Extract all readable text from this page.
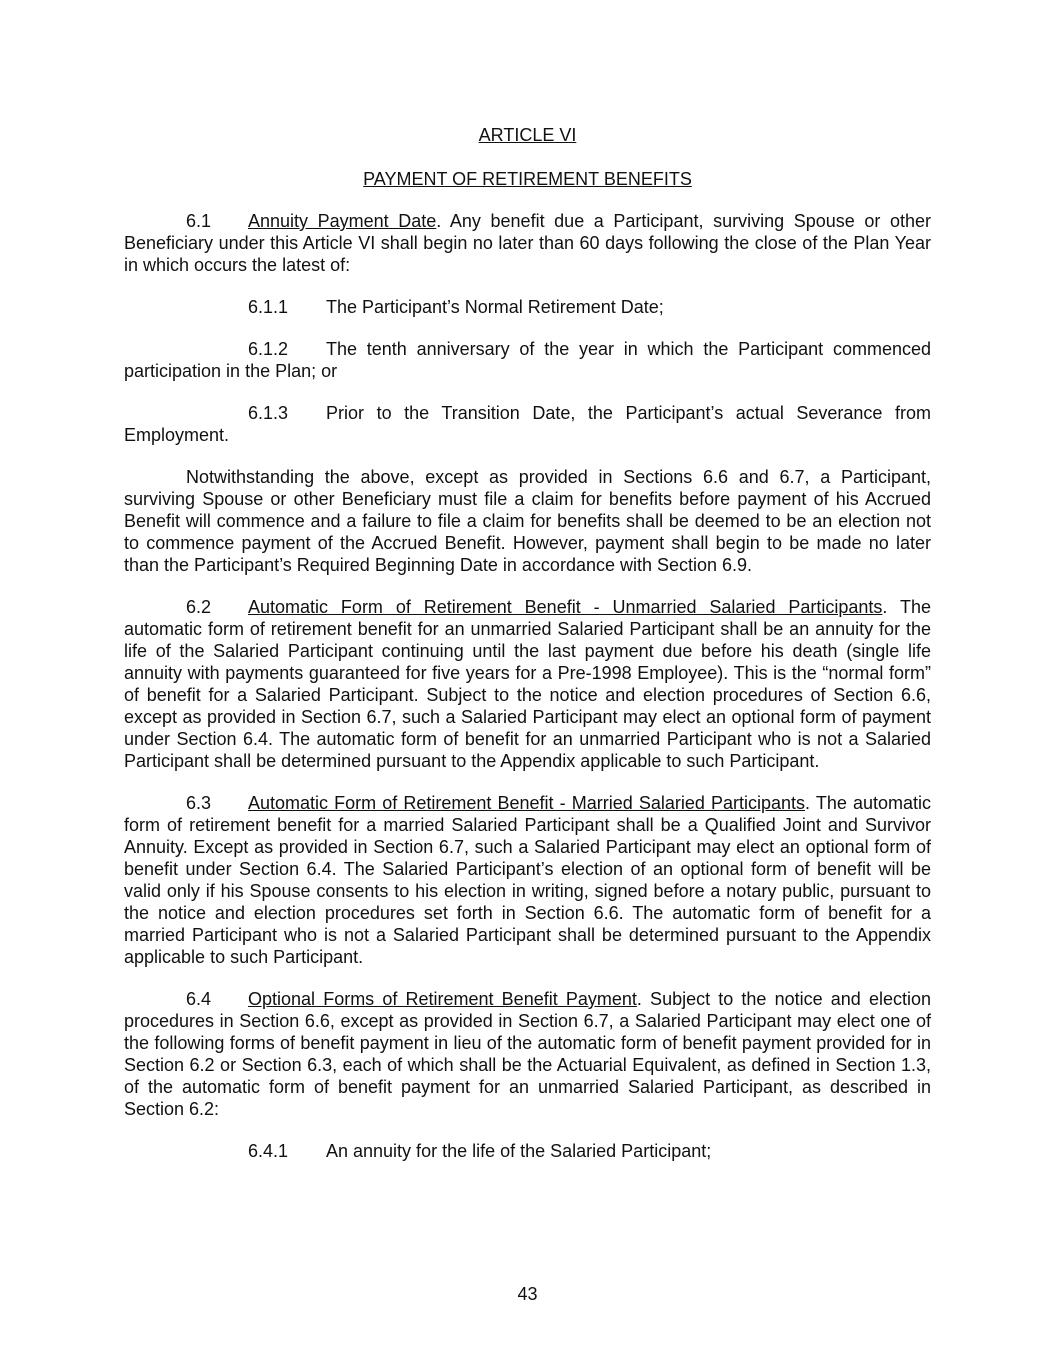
ARTICLE VI

PAYMENT OF RETIREMENT BENEFITS

6.1 Annuity Payment Date. Any benefit due a Participant, surviving Spouse or other Beneficiary under this Article VI shall begin no later than 60 days following the close of the Plan Year in which occurs the latest of:

6.1.1 The Participant’s Normal Retirement Date;

6.1.2 The tenth anniversary of the year in which the Participant commenced participation in the Plan; or

6.1.3 Prior to the Transition Date, the Participant’s actual Severance from Employment.

Notwithstanding the above, except as provided in Sections 6.6 and 6.7, a Participant, surviving Spouse or other Beneficiary must file a claim for benefits before payment of his Accrued Benefit will commence and a failure to file a claim for benefits shall be deemed to be an election not to commence payment of the Accrued Benefit. However, payment shall begin to be made no later than the Participant’s Required Beginning Date in accordance with Section 6.9.

6.2 Automatic Form of Retirement Benefit - Unmarried Salaried Participants. The automatic form of retirement benefit for an unmarried Salaried Participant shall be an annuity for the life of the Salaried Participant continuing until the last payment due before his death (single life annuity with payments guaranteed for five years for a Pre-1998 Employee). This is the “normal form” of benefit for a Salaried Participant. Subject to the notice and election procedures of Section 6.6, except as provided in Section 6.7, such a Salaried Participant may elect an optional form of payment under Section 6.4. The automatic form of benefit for an unmarried Participant who is not a Salaried Participant shall be determined pursuant to the Appendix applicable to such Participant.

6.3 Automatic Form of Retirement Benefit - Married Salaried Participants. The automatic form of retirement benefit for a married Salaried Participant shall be a Qualified Joint and Survivor Annuity. Except as provided in Section 6.7, such a Salaried Participant may elect an optional form of benefit under Section 6.4. The Salaried Participant’s election of an optional form of benefit will be valid only if his Spouse consents to his election in writing, signed before a notary public, pursuant to the notice and election procedures set forth in Section 6.6. The automatic form of benefit for a married Participant who is not a Salaried Participant shall be determined pursuant to the Appendix applicable to such Participant.

6.4 Optional Forms of Retirement Benefit Payment. Subject to the notice and election procedures in Section 6.6, except as provided in Section 6.7, a Salaried Participant may elect one of the following forms of benefit payment in lieu of the automatic form of benefit payment provided for in Section 6.2 or Section 6.3, each of which shall be the Actuarial Equivalent, as defined in Section 1.3, of the automatic form of benefit payment for an unmarried Salaried Participant, as described in Section 6.2:

6.4.1 An annuity for the life of the Salaried Participant;

43
